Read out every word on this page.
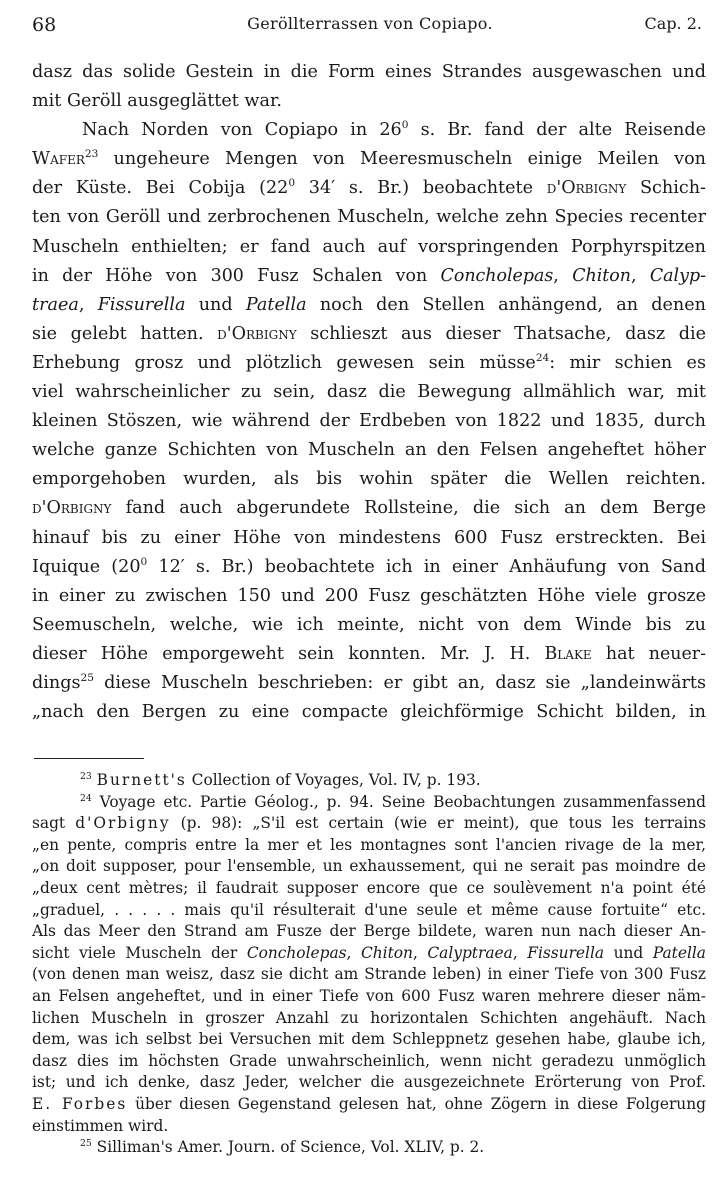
68	Geröllterrassen von Copiapo.	Cap. 2.
dasz das solide Gestein in die Form eines Strandes ausgewaschen und
mit Geröll ausgeglättet war.
Nach Norden von Copiapo in $26^0$ s. Br. fand der alte Reisende
Wafer$^{23}$ ungeheure Mengen von Meeresmuscheln einige Meilen von
der Küste. Bei Cobija ($22^0$ 34′ s. Br.) beobachtete d'Orbigny Schich-
ten von Geröll und zerbrochenen Muscheln, welche zehn Species recenter
Muscheln enthielten; er fand auch auf vorspringenden Porphyrspitzen
in der Höhe von 300 Fusz Schalen von Concholepas, Chiton, Calyp-
traea, Fissurella und Patella noch den Stellen anhängend, an denen
sie gelebt hatten. d'Orbigny schlieszt aus dieser Thatsache, dasz die
Erhebung grosz und plötzlich gewesen sein müsse$^{24}$: mir schien es
viel wahrscheinlicher zu sein, dasz die Bewegung allmählich war, mit
kleinen Stöszen, wie während der Erdbeben von 1822 und 1835, durch
welche ganze Schichten von Muscheln an den Felsen angeheftet höher
emporgehoben wurden, als bis wohin später die Wellen reichten.
d'Orbigny fand auch abgerundete Rollsteine, die sich an dem Berge
hinauf bis zu einer Höhe von mindestens 600 Fusz erstreckten. Bei
Iquique ($20^0$ 12′ s. Br.) beobachtete ich in einer Anhäufung von Sand
in einer zu zwischen 150 und 200 Fusz geschätzten Höhe viele grosze
Seemuscheln, welche, wie ich meinte, nicht von dem Winde bis zu
dieser Höhe emporgeweht sein konnten. Mr. J. H. Blake hat neuer-
dings$^{25}$ diese Muscheln beschrieben: er gibt an, dasz sie „landeinwärts
„nach den Bergen zu eine compacte gleichförmige Schicht bilden, in
$^{23}$ Burnett's Collection of Voyages, Vol. IV, p. 193.
$^{24}$ Voyage etc. Partie Géolog., p. 94. Seine Beobachtungen zusammenfassend
sagt d'Orbigny (p. 98): „S'il est certain (wie er meint), que tous les terrains
„en pente, compris entre la mer et les montagnes sont l'ancien rivage de la mer,
„on doit supposer, pour l'ensemble, un exhaussement, qui ne serait pas moindre de
„deux cent mètres; il faudrait supposer encore que ce soulèvement n'a point été
„graduel, . . . . . mais qu'il résulterait d'une seule et même cause fortuite“ etc.
Als das Meer den Strand am Fusze der Berge bildete, waren nun nach dieser An-
sicht viele Muscheln der Concholepas, Chiton, Calyptraea, Fissurella und Patella
(von denen man weisz, dasz sie dicht am Strande leben) in einer Tiefe von 300 Fusz
an Felsen angeheftet, und in einer Tiefe von 600 Fusz waren mehrere dieser näm-
lichen Muscheln in groszer Anzahl zu horizontalen Schichten angehäuft. Nach
dem, was ich selbst bei Versuchen mit dem Schleppnetz gesehen habe, glaube ich,
dasz dies im höchsten Grade unwahrscheinlich, wenn nicht geradezu unmöglich
ist; und ich denke, dasz Jeder, welcher die ausgezeichnete Erörterung von Prof.
E. Forbes über diesen Gegenstand gelesen hat, ohne Zögern in diese Folgerung
einstimmen wird.
$^{25}$ Silliman's Amer. Journ. of Science, Vol. XLIV, p. 2.
